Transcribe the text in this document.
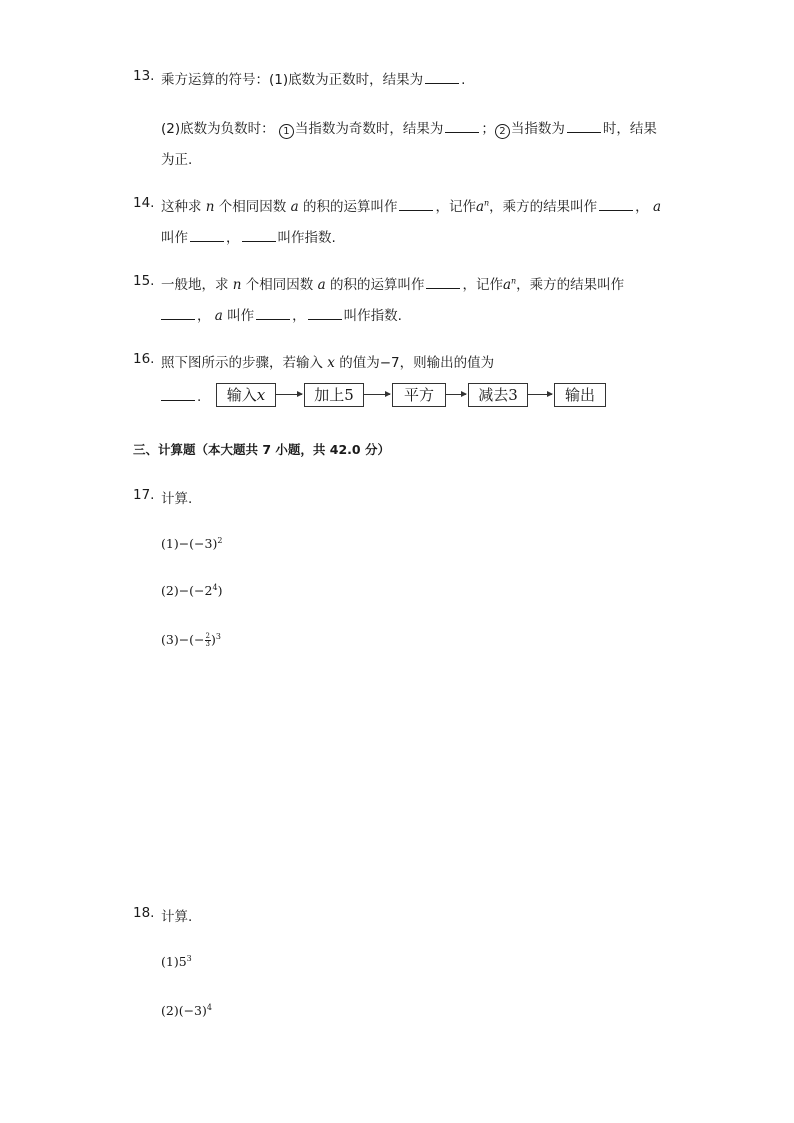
13. 乘方运算的符号：(1)底数为正数时，结果为	.
(2)底数为负数时： 1 当指数为奇数时，结果为	； 2 当指数为	时，结果
为正.
14. 这种求 n 个相同因数 a 的积的运算叫作	，记作$a^n$，乘方的结果叫作	， a
叫作	，	叫作指数.
15. 一般地，求 n 个相同因数 a 的积的运算叫作	，记作$a^n$，乘方的结果叫作
， a 叫作	，	叫作指数.
16. 照下图所示的步骤，若输入 x 的值为−7，则输出的值为
.	输入x	加上5	平方	减去3	输出
三、计算题（本大题共 7 小题，共 42.0 分）
17. 计算.
$(1)-(-3)^2$
$(2)-(-2^4)$
$(3)-(- \frac{2}{3} )^3$
18. 计算.
$(1)5^3$
$(2)(-3)^4$
